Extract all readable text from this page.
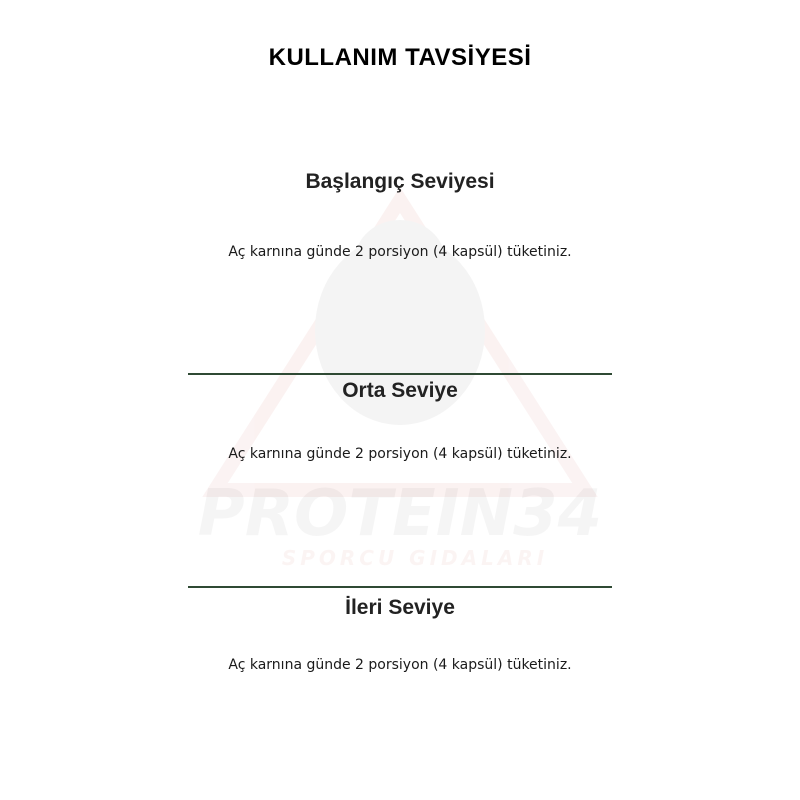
SPORCU GIDALARI
KULLANIM TAVSİYESİ
Başlangıç Seviyesi

Aç karnına günde 2 porsiyon (4 kapsül) tüketiniz.

Orta Seviye

Aç karnına günde 2 porsiyon (4 kapsül) tüketiniz.

İleri Seviye

Aç karnına günde 2 porsiyon (4 kapsül) tüketiniz.
